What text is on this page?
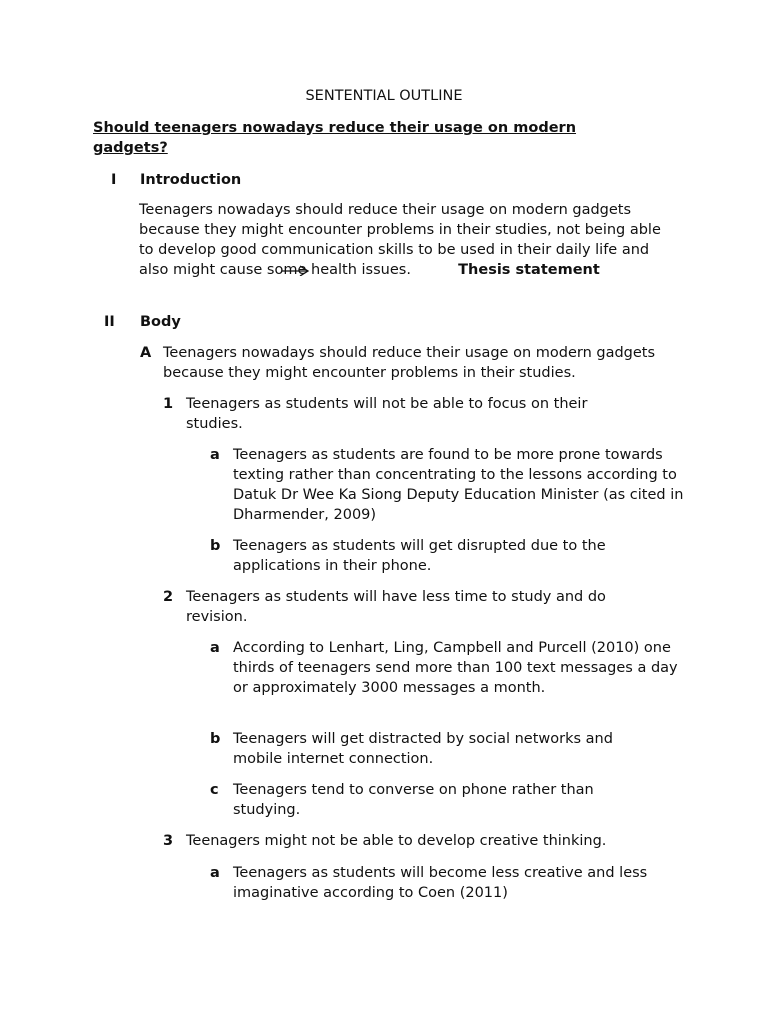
SENTENTIAL OUTLINE
Should teenagers nowadays reduce their usage on modern gadgets?
I Introduction
Teenagers nowadays should reduce their usage on modern gadgets because they might encounter problems in their studies, not being able to develop good communication skills to be used in their daily life and also might cause some health issues.	Thesis statement
II Body
A Teenagers nowadays should reduce their usage on modern gadgets because they might encounter problems in their studies.
1 Teenagers as students will not be able to focus on their studies.
a Teenagers as students are found to be more prone towards texting rather than concentrating to the lessons according to Datuk Dr Wee Ka Siong Deputy Education Minister (as cited in Dharmender, 2009)
b Teenagers as students will get disrupted due to the applications in their phone.
2 Teenagers as students will have less time to study and do revision.
a According to Lenhart, Ling, Campbell and Purcell (2010) one thirds of teenagers send more than 100 text messages a day or approximately 3000 messages a month.
b Teenagers will get distracted by social networks and mobile internet connection.
c Teenagers tend to converse on phone rather than studying.
3 Teenagers might not be able to develop creative thinking.
a Teenagers as students will become less creative and less imaginative according to Coen (2011)
